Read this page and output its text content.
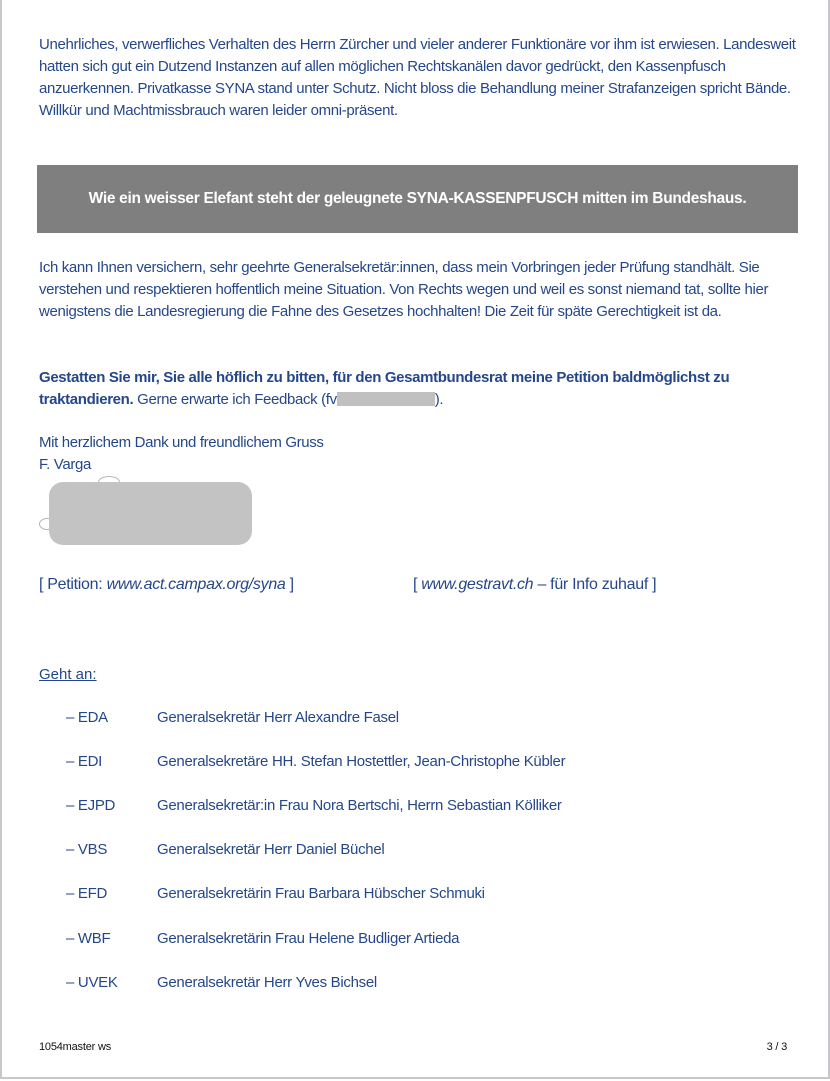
Unehrliches, verwerfliches Verhalten des Herrn Zürcher und vieler anderer Funktionäre vor ihm ist erwiesen. Landesweit hatten sich gut ein Dutzend Instanzen auf allen möglichen Rechtskanälen davor gedrückt, den Kassenpfusch anzuerkennen. Privatkasse SYNA stand unter Schutz. Nicht bloss die Behandlung meiner Strafanzeigen spricht Bände. Willkür und Machtmissbrauch waren leider omni-präsent.

Wie ein weisser Elefant steht der geleugnete SYNA-KASSENPFUSCH mitten im Bundeshaus.

Ich kann Ihnen versichern, sehr geehrte Generalsekretär:innen, dass mein Vorbringen jeder Prüfung standhält. Sie verstehen und respektieren hoffentlich meine Situation. Von Rechts wegen und weil es sonst niemand tat, sollte hier wenigstens die Landesregierung die Fahne des Gesetzes hochhalten! Die Zeit für späte Gerechtigkeit ist da.

Gestatten Sie mir, Sie alle höflich zu bitten, für den Gesamtbundesrat meine Petition baldmöglichst zu traktandieren. Gerne erwarte ich Feedback (fv	).

Mit herzlichem Dank und freundlichem Gruss
F. Varga

[ Petition: www.act.campax.org/syna ]	[ www.gestravt.ch – für Info zuhauf ]
Geht an:
– EDA	Generalsekretär Herr Alexandre Fasel
– EDI	Generalsekretäre HH. Stefan Hostettler, Jean-Christophe Kübler
– EJPD	Generalsekretär:in Frau Nora Bertschi, Herrn Sebastian Kölliker
– VBS	Generalsekretär Herr Daniel Büchel
– EFD	Generalsekretärin Frau Barbara Hübscher Schmuki
– WBF	Generalsekretärin Frau Helene Budliger Artieda
– UVEK	Generalsekretär Herr Yves Bichsel
1054master ws	3 / 3
